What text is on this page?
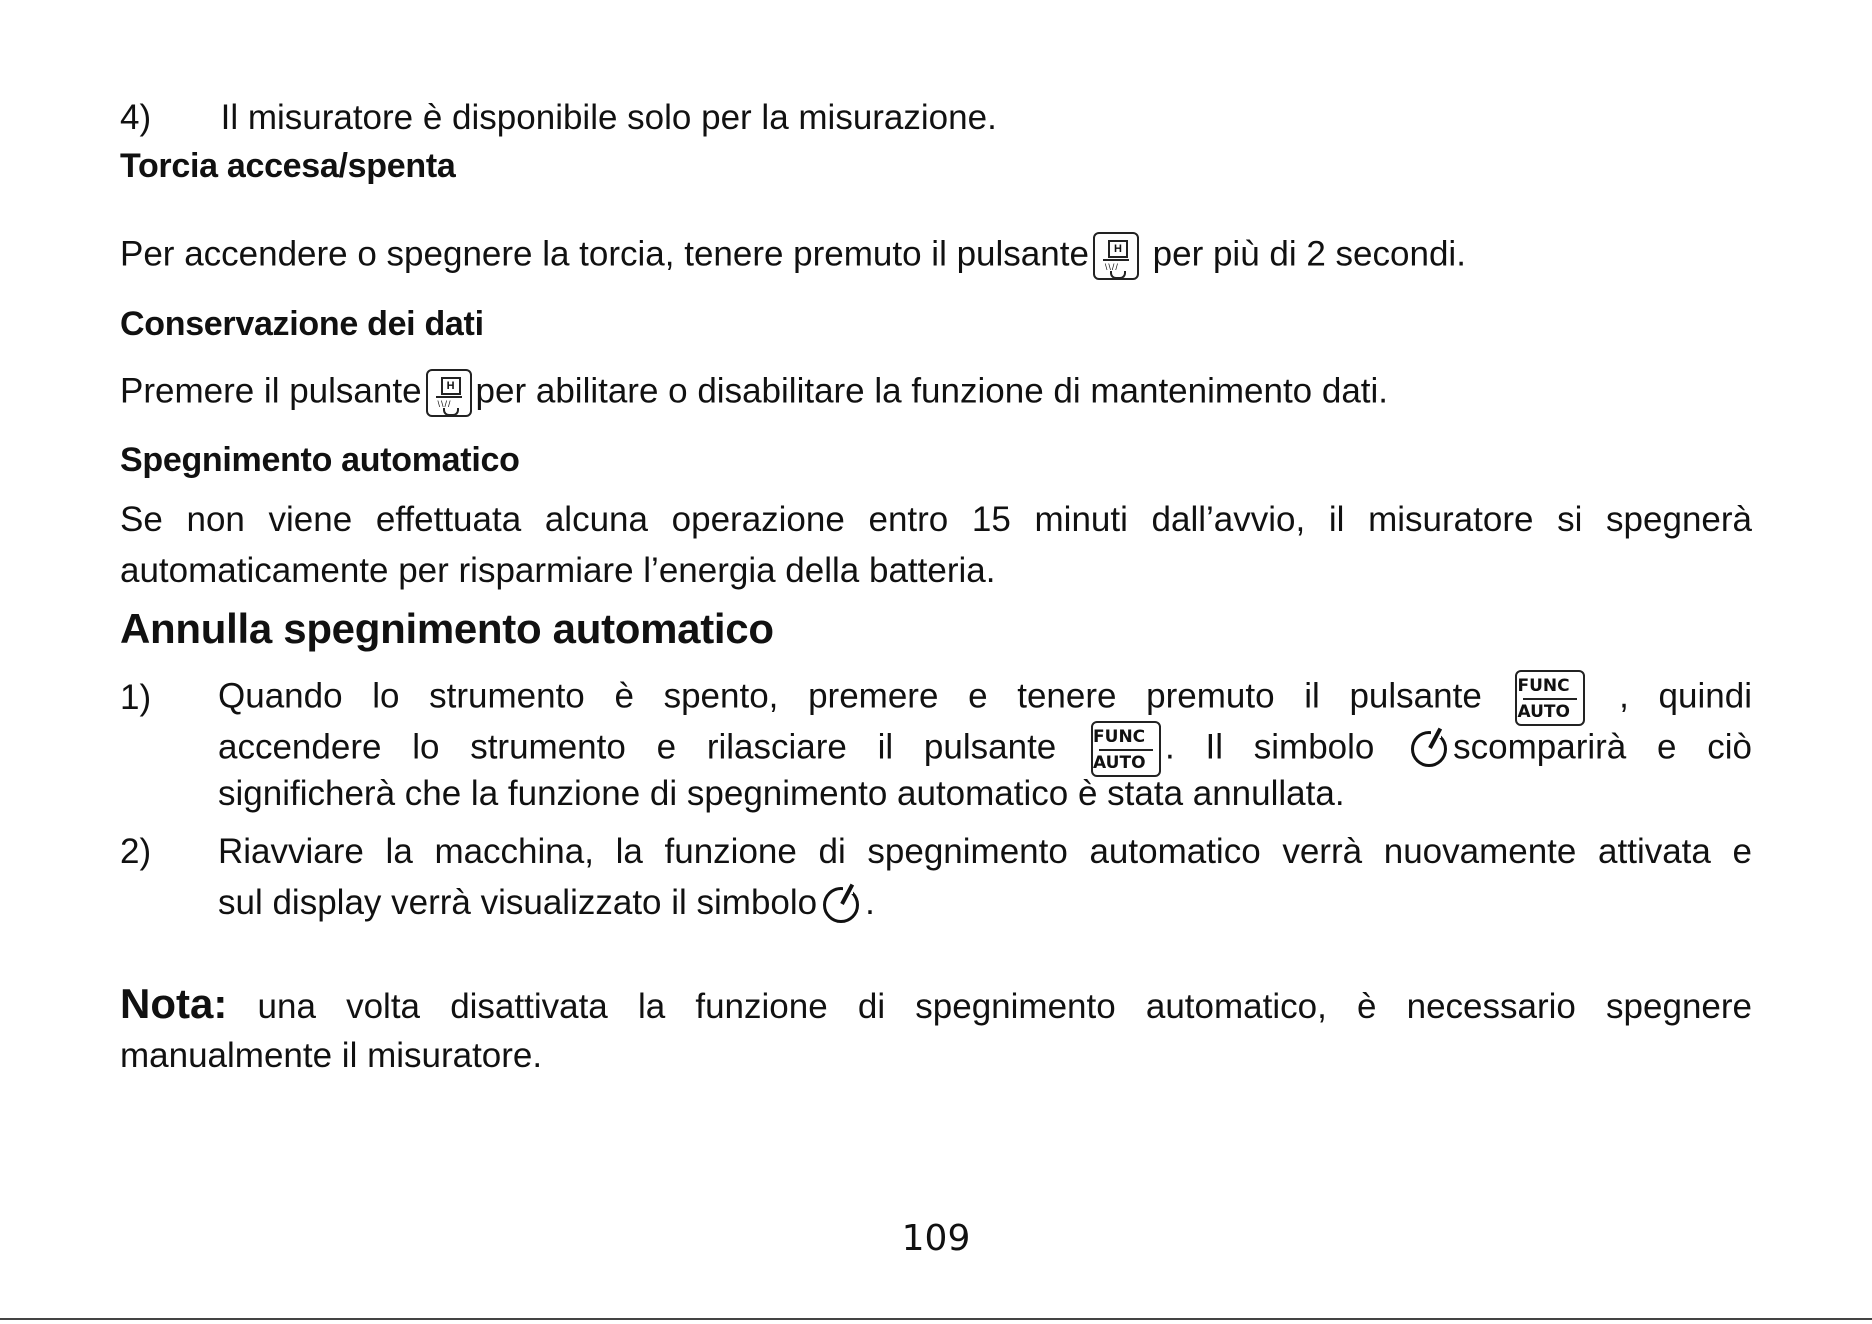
4) Il misuratore è disponibile solo per la misurazione.
Torcia accesa/spenta
Per accendere o spegnere la torcia, tenere premuto il pulsante	H
\\// per più di 2 secondi.
Conservazione dei dati
Premere il pulsante	H
\\// per abilitare o disabilitare la funzione di mantenimento dati.
Spegnimento automatico
Se non viene effettuata alcuna operazione entro 15 minuti dall’avvio, il misuratore si spegnerà
automaticamente per risparmiare l’energia della batteria.
Annulla spegnimento automatico
1) Quando lo strumento è spento, premere e tenere premuto il pulsante FUNC
AUTO	, quindi
accendere lo strumento e rilasciare il pulsante FUNC
AUTO . Il simbolo scomparirà e ciò
significherà che la funzione di spegnimento automatico è stata annullata.
2) Riavviare la macchina, la funzione di spegnimento automatico verrà nuovamente attivata e
sul display verrà visualizzato il simbolo .
Nota: una volta disattivata la funzione di spegnimento automatico, è necessario spegnere
manualmente il misuratore.
109
